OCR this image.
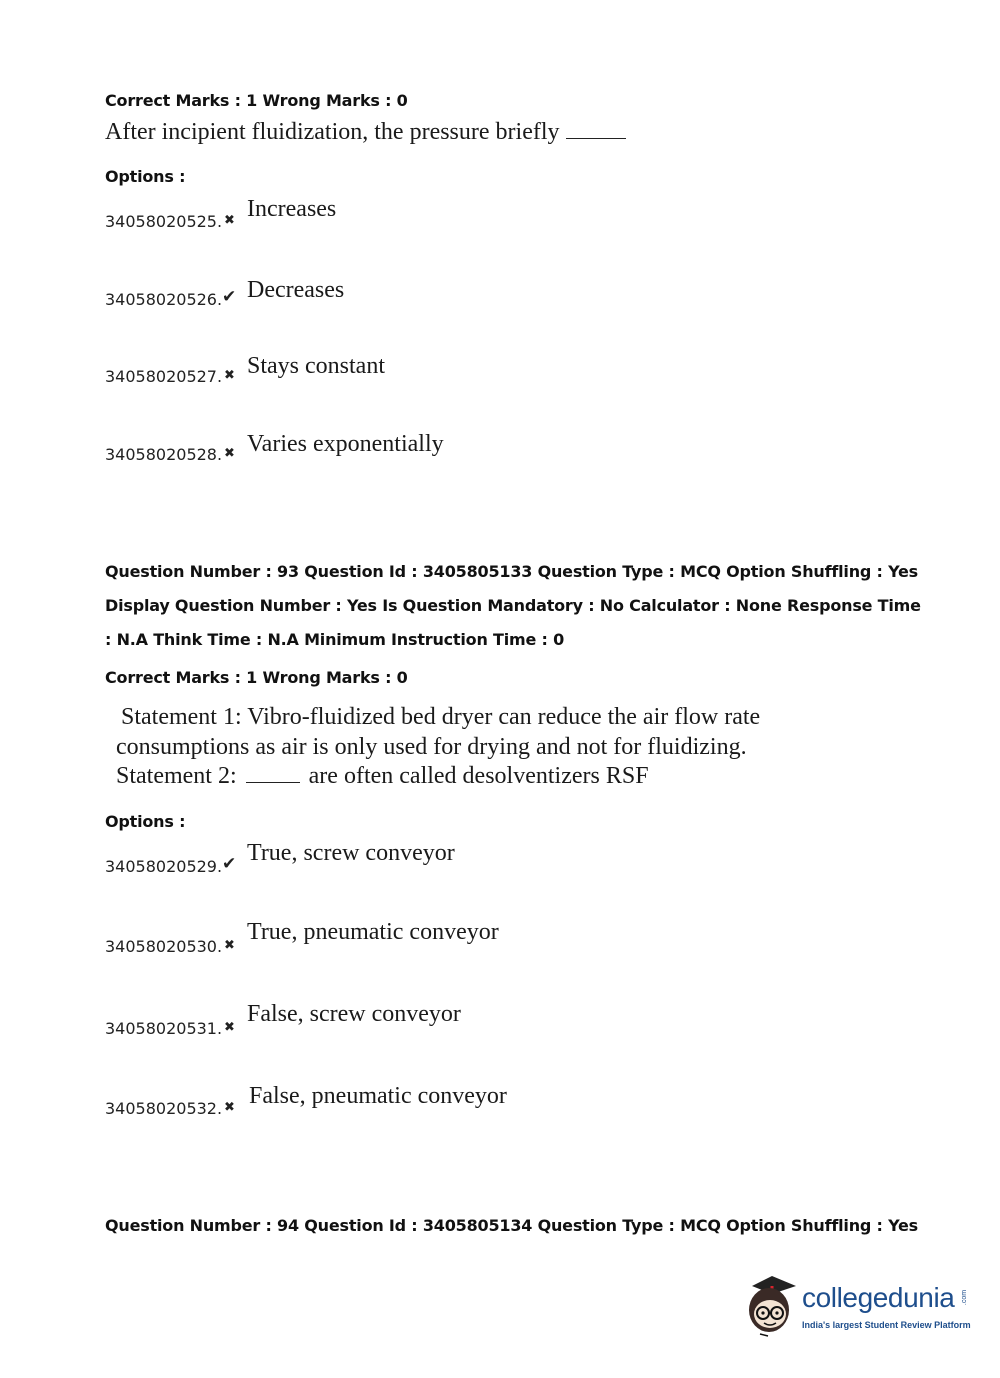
Correct Marks : 1 Wrong Marks : 0
After incipient fluidization, the pressure briefly
Options :
34058020525. ✖ Increases
34058020526. ✔ Decreases
34058020527. ✖ Stays constant
34058020528. ✖ Varies exponentially
Question Number : 93 Question Id : 3405805133 Question Type : MCQ Option Shuffling : Yes
Display Question Number : Yes Is Question Mandatory : No Calculator : None Response Time
: N.A Think Time : N.A Minimum Instruction Time : 0
Correct Marks : 1 Wrong Marks : 0
Statement 1: Vibro-fluidized bed dryer can reduce the air flow rate
consumptions as air is only used for drying and not for fluidizing.
Statement 2:	are often called desolventizers RSF
Options :
34058020529. ✔ True, screw conveyor
34058020530. ✖
True, pneumatic conveyor
34058020531. ✖
False, screw conveyor
34058020532. ✖ False, pneumatic conveyor
Question Number : 94 Question Id : 3405805134 Question Type : MCQ Option Shuffling : Yes
collegedunia .com
India's largest Student Review Platform
